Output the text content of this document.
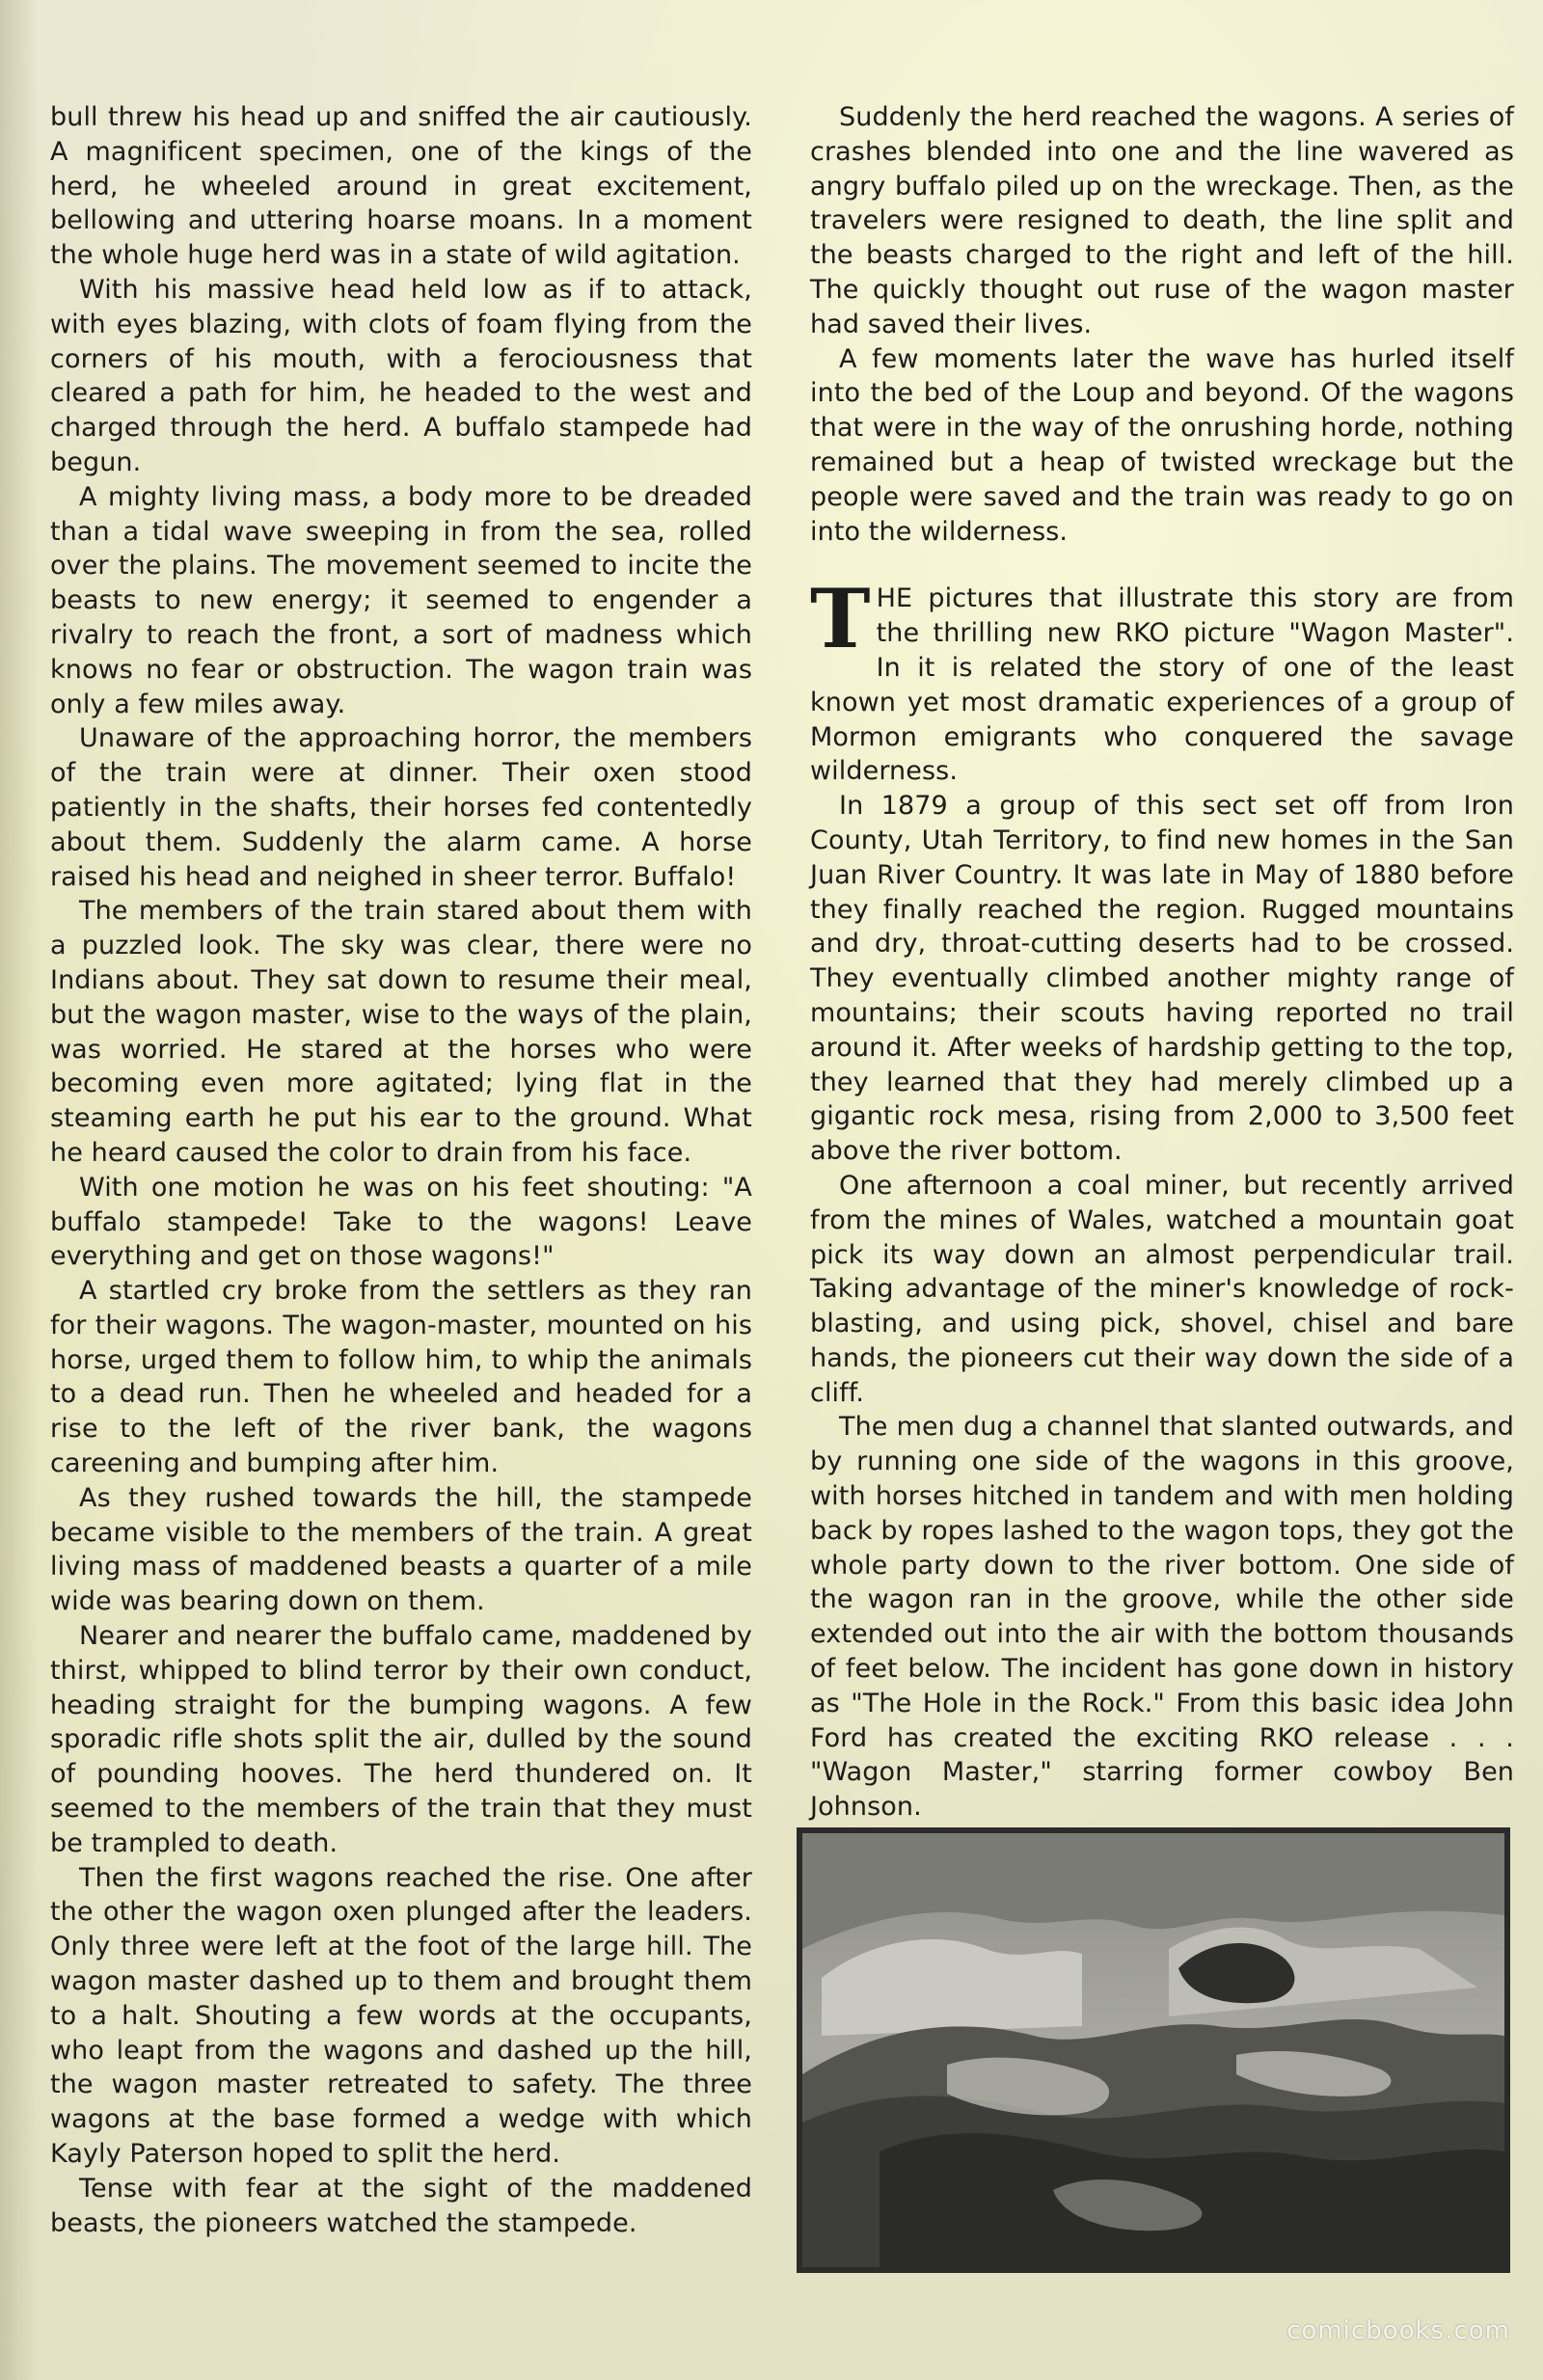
bull threw his head up and sniffed the air cautiously. A magnificent specimen, one of the kings of the herd, he wheeled around in great excitement, bellowing and uttering hoarse moans. In a moment the whole huge herd was in a state of wild agitation.

With his massive head held low as if to attack, with eyes blazing, with clots of foam flying from the corners of his mouth, with a ferociousness that cleared a path for him, he headed to the west and charged through the herd. A buffalo stampede had begun.

A mighty living mass, a body more to be dreaded than a tidal wave sweeping in from the sea, rolled over the plains. The movement seemed to incite the beasts to new energy; it seemed to engender a rivalry to reach the front, a sort of madness which knows no fear or obstruction. The wagon train was only a few miles away.

Unaware of the approaching horror, the members of the train were at dinner. Their oxen stood patiently in the shafts, their horses fed contentedly about them. Suddenly the alarm came. A horse raised his head and neighed in sheer terror. Buffalo!

The members of the train stared about them with a puzzled look. The sky was clear, there were no Indians about. They sat down to resume their meal, but the wagon master, wise to the ways of the plain, was worried. He stared at the horses who were becoming even more agitated; lying flat in the steaming earth he put his ear to the ground. What he heard caused the color to drain from his face.

With one motion he was on his feet shouting: "A buffalo stampede! Take to the wagons! Leave everything and get on those wagons!"

A startled cry broke from the settlers as they ran for their wagons. The wagon-master, mounted on his horse, urged them to follow him, to whip the animals to a dead run. Then he wheeled and headed for a rise to the left of the river bank, the wagons careening and bumping after him.

As they rushed towards the hill, the stampede became visible to the members of the train. A great living mass of maddened beasts a quarter of a mile wide was bearing down on them.

Nearer and nearer the buffalo came, maddened by thirst, whipped to blind terror by their own conduct, heading straight for the bumping wagons. A few sporadic rifle shots split the air, dulled by the sound of pounding hooves. The herd thundered on. It seemed to the members of the train that they must be trampled to death.

Then the first wagons reached the rise. One after the other the wagon oxen plunged after the leaders. Only three were left at the foot of the large hill. The wagon master dashed up to them and brought them to a halt. Shouting a few words at the occupants, who leapt from the wagons and dashed up the hill, the wagon master retreated to safety. The three wagons at the base formed a wedge with which Kayly Paterson hoped to split the herd.

Tense with fear at the sight of the maddened beasts, the pioneers watched the stampede.

Suddenly the herd reached the wagons. A series of crashes blended into one and the line wavered as angry buffalo piled up on the wreckage. Then, as the travelers were resigned to death, the line split and the beasts charged to the right and left of the hill. The quickly thought out ruse of the wagon master had saved their lives.

A few moments later the wave has hurled itself into the bed of the Loup and beyond. Of the wagons that were in the way of the onrushing horde, nothing remained but a heap of twisted wreckage but the people were saved and the train was ready to go on into the wilderness.

THE pictures that illustrate this story are from the thrilling new RKO picture "Wagon Master". In it is related the story of one of the least known yet most dramatic experiences of a group of Mormon emigrants who conquered the savage wilderness.

In 1879 a group of this sect set off from Iron County, Utah Territory, to find new homes in the San Juan River Country. It was late in May of 1880 before they finally reached the region. Rugged mountains and dry, throat-cutting deserts had to be crossed. They eventually climbed another mighty range of mountains; their scouts having reported no trail around it. After weeks of hardship getting to the top, they learned that they had merely climbed up a gigantic rock mesa, rising from 2,000 to 3,500 feet above the river bottom.

One afternoon a coal miner, but recently arrived from the mines of Wales, watched a mountain goat pick its way down an almost perpendicular trail. Taking advantage of the miner's knowledge of rock-blasting, and using pick, shovel, chisel and bare hands, the pioneers cut their way down the side of a cliff.

The men dug a channel that slanted outwards, and by running one side of the wagons in this groove, with horses hitched in tandem and with men holding back by ropes lashed to the wagon tops, they got the whole party down to the river bottom. One side of the wagon ran in the groove, while the other side extended out into the air with the bottom thousands of feet below. The incident has gone down in history as "The Hole in the Rock." From this basic idea John Ford has created the exciting RKO release . . . "Wagon Master," starring former cowboy Ben Johnson.

comicbooks.com
